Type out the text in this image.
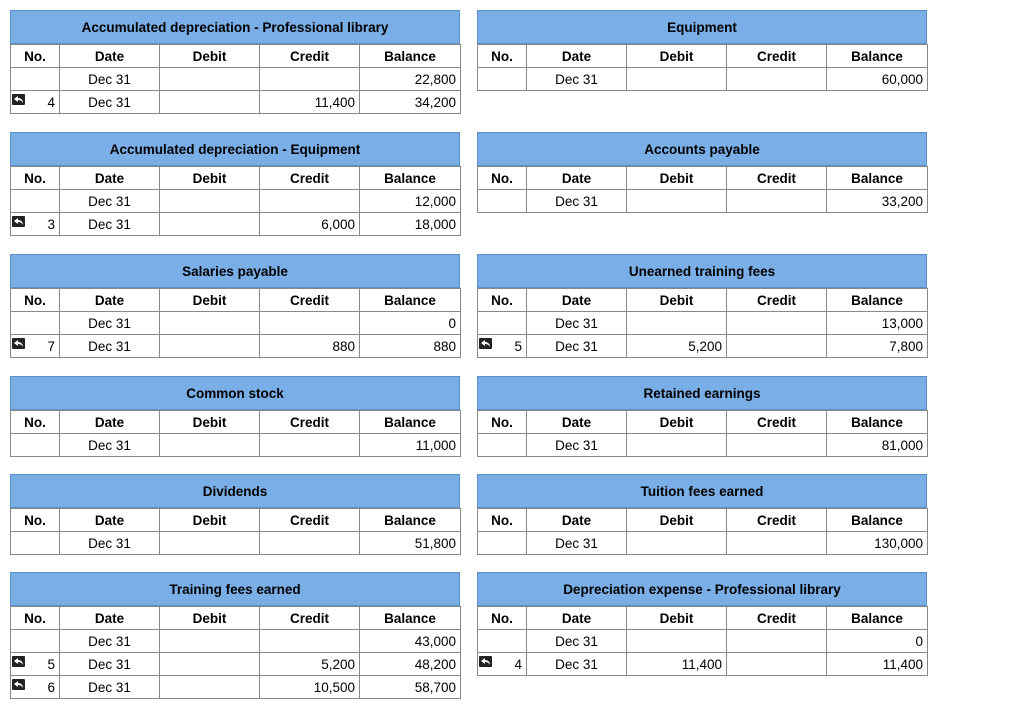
Accumulated depreciation - Professional library
No.	Date	Debit	Credit	Balance
	Dec 31			22,800

4	Dec 31		11,400	34,200
Equipment
No.	Date	Debit	Credit	Balance
	Dec 31			60,000
Accumulated depreciation - Equipment
No.	Date	Debit	Credit	Balance
	Dec 31			12,000

3	Dec 31		6,000	18,000
Accounts payable
No.	Date	Debit	Credit	Balance
	Dec 31			33,200
Salaries payable
No.	Date	Debit	Credit	Balance
	Dec 31			0

7	Dec 31		880	880
Unearned training fees
No.	Date	Debit	Credit	Balance
	Dec 31			13,000

5	Dec 31	5,200		7,800
Common stock
No.	Date	Debit	Credit	Balance
	Dec 31			11,000
Retained earnings
No.	Date	Debit	Credit	Balance
	Dec 31			81,000
Dividends
No.	Date	Debit	Credit	Balance
	Dec 31			51,800
Tuition fees earned
No.	Date	Debit	Credit	Balance
	Dec 31			130,000
Training fees earned
No.	Date	Debit	Credit	Balance
	Dec 31			43,000

5	Dec 31		5,200	48,200

6	Dec 31		10,500	58,700
Depreciation expense - Professional library
No.	Date	Debit	Credit	Balance
	Dec 31			0

4	Dec 31	11,400		11,400
